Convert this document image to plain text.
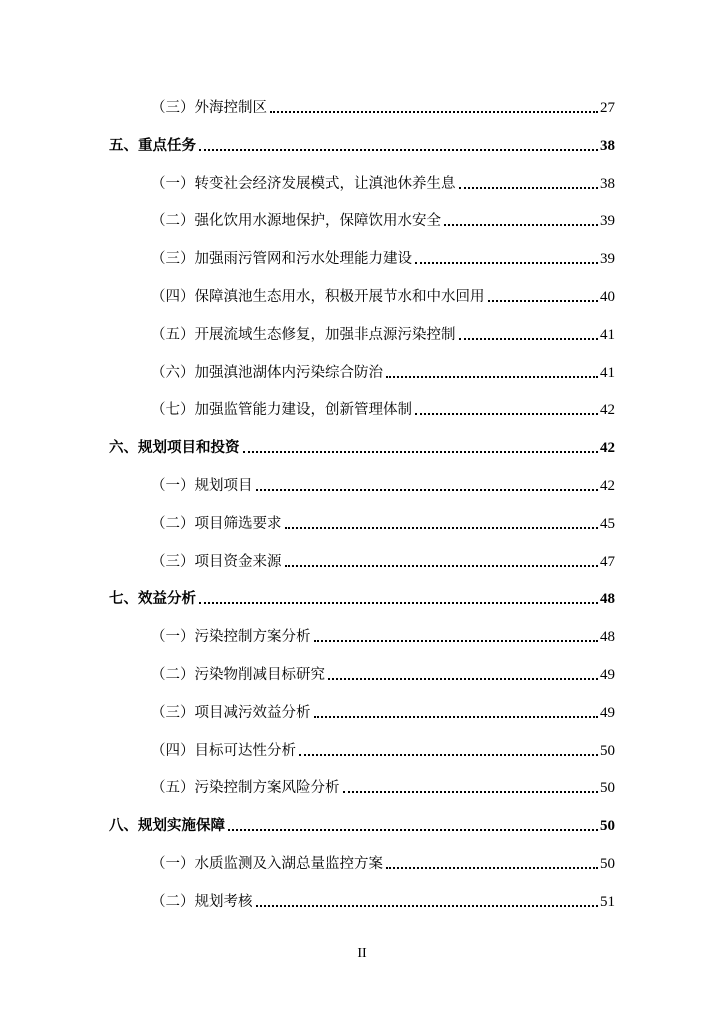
（三）外海控制区	27
五、重点任务	38
（一）转变社会经济发展模式，让滇池休养生息	38
（二）强化饮用水源地保护，保障饮用水安全	39
（三）加强雨污管网和污水处理能力建设	39
（四）保障滇池生态用水，积极开展节水和中水回用	40
（五）开展流域生态修复，加强非点源污染控制	41
（六）加强滇池湖体内污染综合防治	41
（七）加强监管能力建设，创新管理体制	42
六、规划项目和投资	42
（一）规划项目	42
（二）项目筛选要求	45
（三）项目资金来源	47
七、效益分析	48
（一）污染控制方案分析	48
（二）污染物削减目标研究	49
（三）项目减污效益分析	49
（四）目标可达性分析	50
（五）污染控制方案风险分析	50
八、规划实施保障	50
（一）水质监测及入湖总量监控方案	50
（二）规划考核	51
II
